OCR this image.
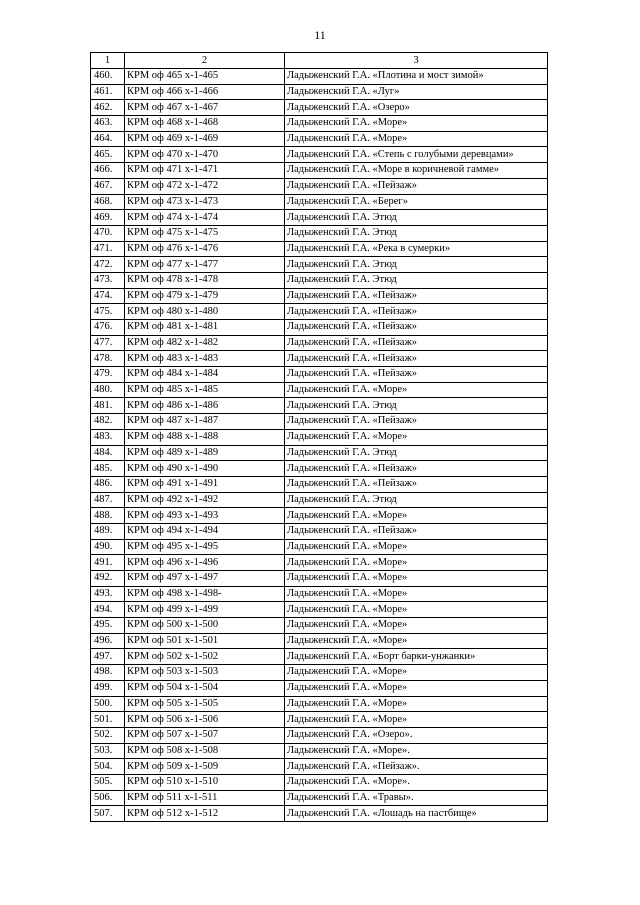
11
1	2	3
460.	КРМ оф 465 х-1-465	Ладыженский Г.А. «Плотина и мост зимой»
461.	КРМ оф 466 х-1-466	Ладыженский Г.А. «Луг»
462.	КРМ оф 467 х-1-467	Ладыженский Г.А. «Озеро»
463.	КРМ оф 468 х-1-468	Ладыженский Г.А. «Море»
464.	КРМ оф 469 х-1-469	Ладыженский Г.А. «Море»
465.	КРМ оф 470 х-1-470	Ладыженский Г.А. «Степь с голубыми деревцами»
466.	КРМ оф 471 х-1-471	Ладыженский Г.А. «Море в коричневой гамме»
467.	КРМ оф 472 х-1-472	Ладыженский Г.А. «Пейзаж»
468.	КРМ оф 473 х-1-473	Ладыженский Г.А. «Берег»
469.	КРМ оф 474 х-1-474	Ладыженский Г.А. Этюд
470.	КРМ оф 475 х-1-475	Ладыженский Г.А. Этюд
471.	КРМ оф 476 х-1-476	Ладыженский Г.А. «Река в сумерки»
472.	КРМ оф 477 х-1-477	Ладыженский Г.А. Этюд
473.	КРМ оф 478 х-1-478	Ладыженский Г.А. Этюд
474.	КРМ оф 479 х-1-479	Ладыженский Г.А. «Пейзаж»
475.	КРМ оф 480 х-1-480	Ладыженский Г.А. «Пейзаж»
476.	КРМ оф 481 х-1-481	Ладыженский Г.А. «Пейзаж»
477.	КРМ оф 482 х-1-482	Ладыженский Г.А. «Пейзаж»
478.	КРМ оф 483 х-1-483	Ладыженский Г.А. «Пейзаж»
479.	КРМ оф 484 х-1-484	Ладыженский Г.А. «Пейзаж»
480.	КРМ оф 485 х-1-485	Ладыженский Г.А. «Море»
481.	КРМ оф 486 х-1-486	Ладыженский Г.А. Этюд
482.	КРМ оф 487 х-1-487	Ладыженский Г.А. «Пейзаж»
483.	КРМ оф 488 х-1-488	Ладыженский Г.А. «Море»
484.	КРМ оф 489 х-1-489	Ладыженский Г.А. Этюд
485.	КРМ оф 490 х-1-490	Ладыженский Г.А. «Пейзаж»
486.	КРМ оф 491 х-1-491	Ладыженский Г.А. «Пейзаж»
487.	КРМ оф 492 х-1-492	Ладыженский Г.А. Этюд
488.	КРМ оф 493 х-1-493	Ладыженский Г.А. «Море»
489.	КРМ оф 494 х-1-494	Ладыженский Г.А. «Пейзаж»
490.	КРМ оф 495 х-1-495	Ладыженский Г.А. «Море»
491.	КРМ оф 496 х-1-496	Ладыженский Г.А. «Море»
492.	КРМ оф 497 х-1-497	Ладыженский Г.А. «Море»
493.	КРМ оф 498 х-1-498-	Ладыженский Г.А. «Море»
494.	КРМ оф 499 х-1-499	Ладыженский Г.А. «Море»
495.	КРМ оф 500 х-1-500	Ладыженский Г.А. «Море»
496.	КРМ оф 501 х-1-501	Ладыженский Г.А. «Море»
497.	КРМ оф 502 х-1-502	Ладыженский Г.А. «Борт барки-унжанки»
498.	КРМ оф 503 х-1-503	Ладыженский Г.А. «Море»
499.	КРМ оф 504 х-1-504	Ладыженский Г.А. «Море»
500.	КРМ оф 505 х-1-505	Ладыженский Г.А. «Море»
501.	КРМ оф 506 х-1-506	Ладыженский Г.А. «Море»
502.	КРМ оф 507 х-1-507	Ладыженский Г.А. «Озеро».
503.	КРМ оф 508 х-1-508	Ладыженский Г.А. «Море».
504.	КРМ оф 509 х-1-509	Ладыженский Г.А. «Пейзаж».
505.	КРМ оф 510 х-1-510	Ладыженский Г.А. «Море».
506.	КРМ оф 511 х-1-511	Ладыженский Г.А. «Травы».
507.	КРМ оф 512 х-1-512	Ладыженский Г.А. «Лошадь на пастбище»
